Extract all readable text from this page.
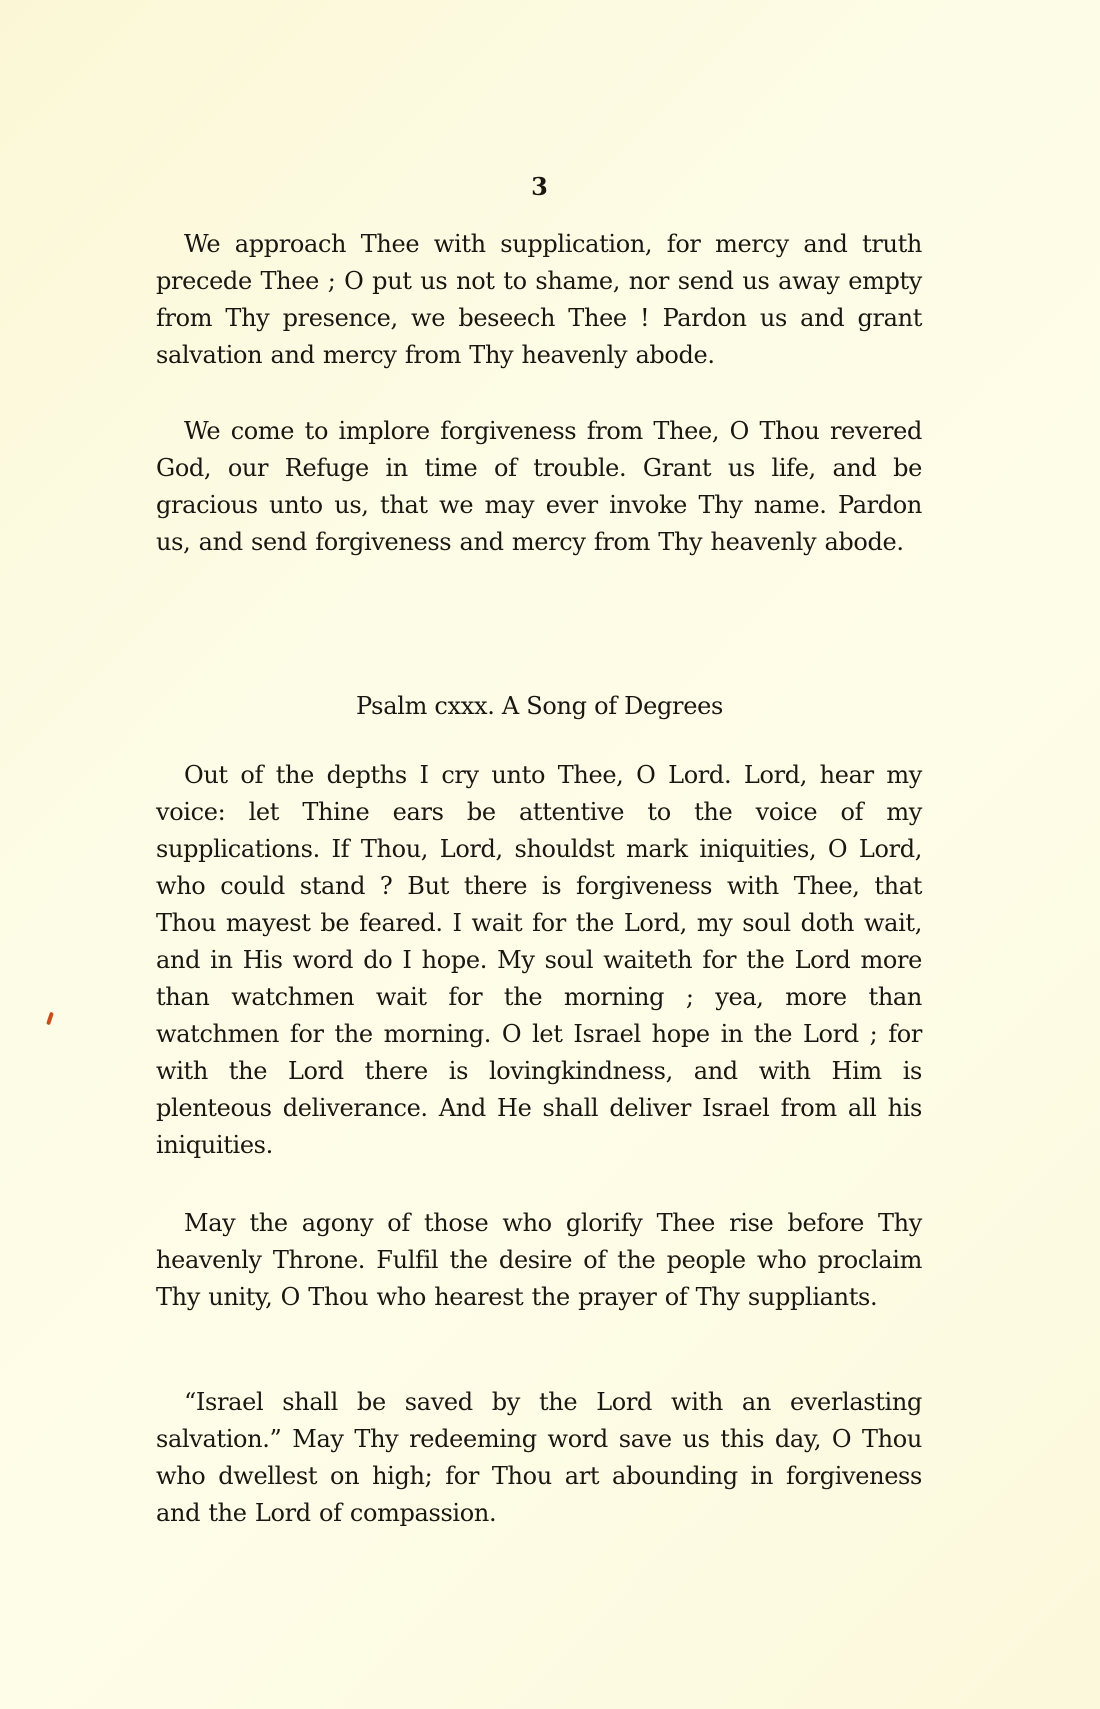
3

We approach Thee with supplication, for mercy and truth precede Thee ; O put us not to shame, nor send us away empty from Thy presence, we beseech Thee ! Pardon us and grant salvation and mercy from Thy heavenly abode.

We come to implore forgiveness from Thee, O Thou revered God, our Refuge in time of trouble. Grant us life, and be gracious unto us, that we may ever invoke Thy name. Pardon us, and send forgiveness and mercy from Thy heavenly abode.

Psalm cxxx. A Song of Degrees

Out of the depths I cry unto Thee, O Lord. Lord, hear my voice: let Thine ears be attentive to the voice of my supplications. If Thou, Lord, shouldst mark iniquities, O Lord, who could stand ? But there is forgiveness with Thee, that Thou mayest be feared. I wait for the Lord, my soul doth wait, and in His word do I hope. My soul waiteth for the Lord more than watchmen wait for the morning ; yea, more than watchmen for the morning. O let Israel hope in the Lord ; for with the Lord there is lovingkindness, and with Him is plenteous deliverance. And He shall deliver Israel from all his iniquities.

May the agony of those who glorify Thee rise before Thy heavenly Throne. Fulfil the desire of the people who proclaim Thy unity, O Thou who hearest the prayer of Thy suppliants.

“Israel shall be saved by the Lord with an everlasting salvation.” May Thy redeeming word save us this day, O Thou who dwellest on high; for Thou art abounding in forgiveness and the Lord of compassion.
